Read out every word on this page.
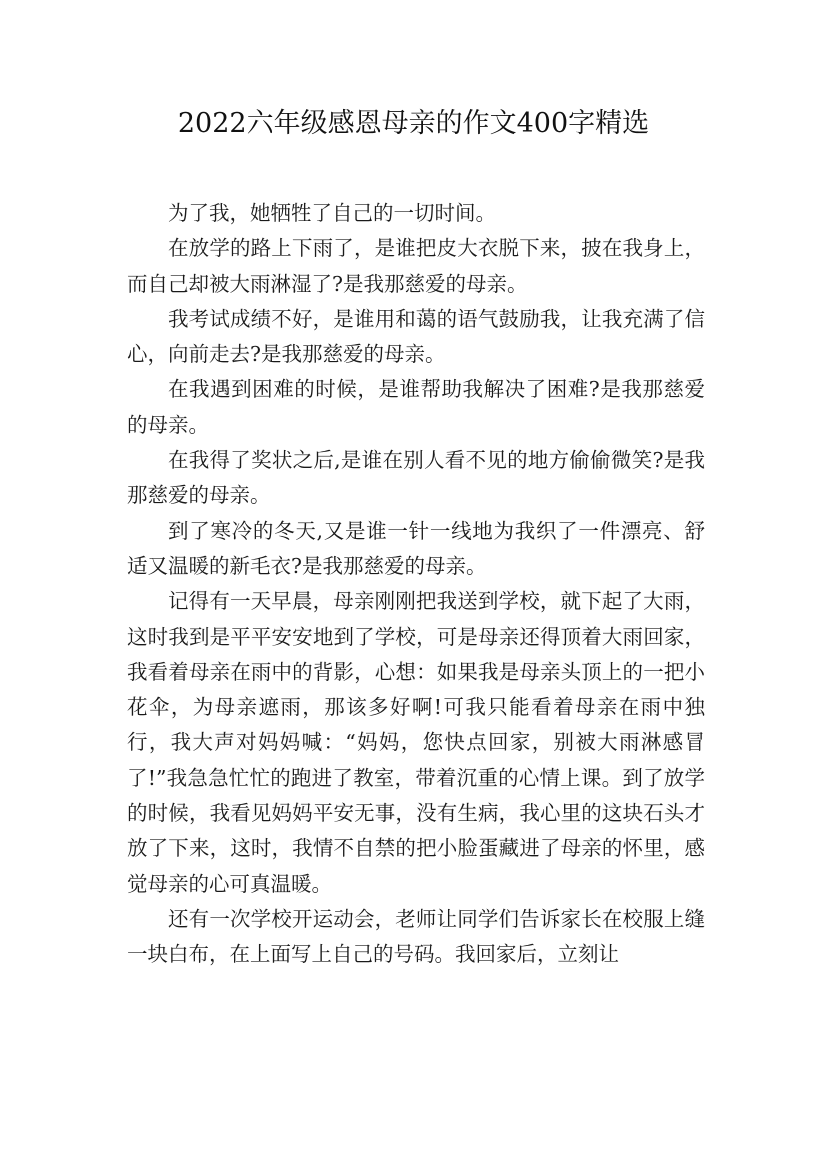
2022六年级感恩母亲的作文400字精选

为了我，她牺牲了自己的一切时间。

在放学的路上下雨了，是谁把皮大衣脱下来，披在我身上，而自己却被大雨淋湿了?是我那慈爱的母亲。

我考试成绩不好，是谁用和蔼的语气鼓励我，让我充满了信心，向前走去?是我那慈爱的母亲。

在我遇到困难的时候，是谁帮助我解决了困难?是我那慈爱的母亲。

在我得了奖状之后,是谁在别人看不见的地方偷偷微笑?是我那慈爱的母亲。

到了寒冷的冬天,又是谁一针一线地为我织了一件漂亮、舒适又温暖的新毛衣?是我那慈爱的母亲。

记得有一天早晨，母亲刚刚把我送到学校，就下起了大雨，这时我到是平平安安地到了学校，可是母亲还得顶着大雨回家，我看着母亲在雨中的背影，心想：如果我是母亲头顶上的一把小花伞，为母亲遮雨，那该多好啊!可我只能看着母亲在雨中独行，我大声对妈妈喊：“妈妈，您快点回家，别被大雨淋感冒了!”我急急忙忙的跑进了教室，带着沉重的心情上课。到了放学的时候，我看见妈妈平安无事，没有生病，我心里的这块石头才放了下来，这时，我情不自禁的把小脸蛋藏进了母亲的怀里，感觉母亲的心可真温暖。

还有一次学校开运动会，老师让同学们告诉家长在校服上缝一块白布，在上面写上自己的号码。我回家后，立刻让
